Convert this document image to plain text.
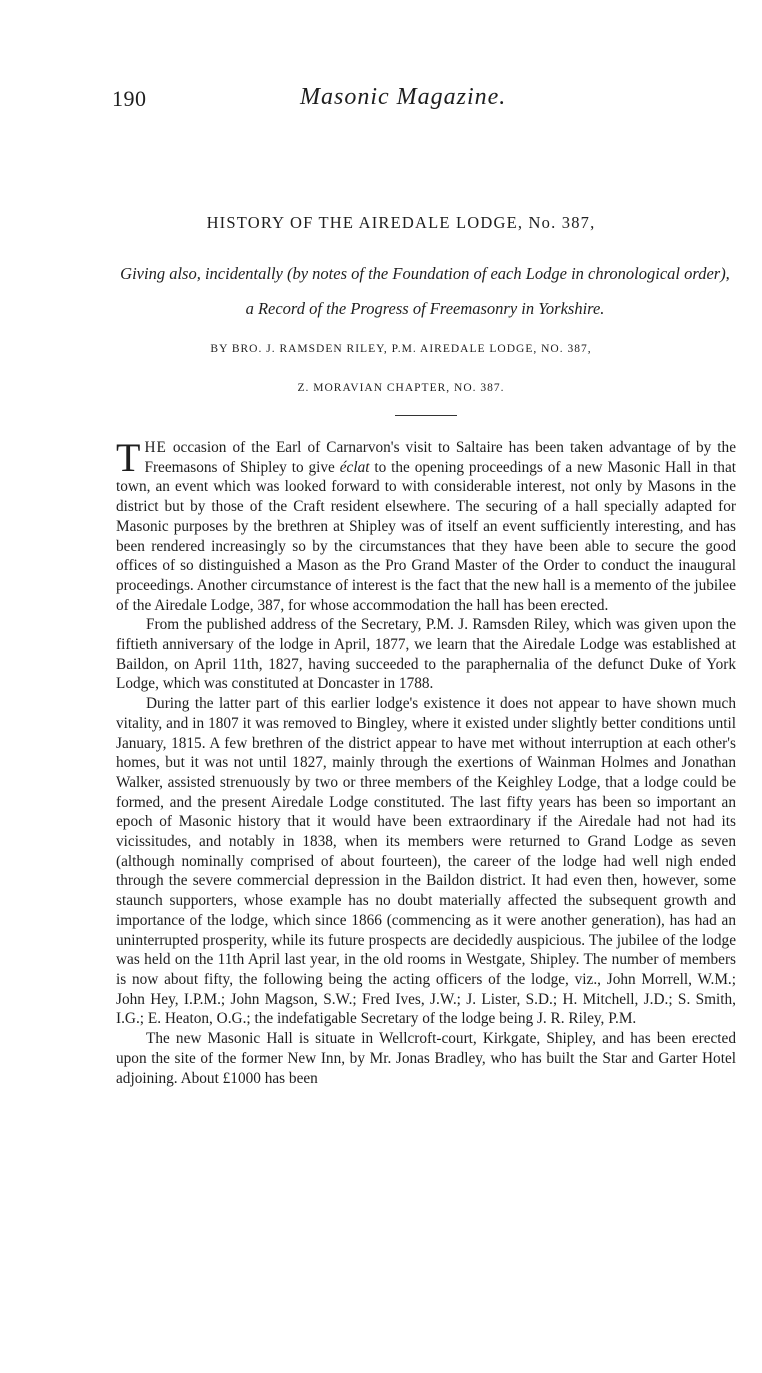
190	Masonic Magazine.
HISTORY OF THE AIREDALE LODGE, No. 387,
Giving also, incidentally (by notes of the Foundation of each Lodge in chronological order), a Record of the Progress of Freemasonry in Yorkshire.
BY BRO. J. RAMSDEN RILEY, P.M. AIREDALE LODGE, NO. 387,
Z. MORAVIAN CHAPTER, NO. 387.

THE occasion of the Earl of Carnarvon's visit to Saltaire has been taken advantage of by the Freemasons of Shipley to give éclat to the opening proceedings of a new Masonic Hall in that town, an event which was looked forward to with considerable interest, not only by Masons in the district but by those of the Craft resident elsewhere. The securing of a hall specially adapted for Masonic purposes by the brethren at Shipley was of itself an event sufficiently interesting, and has been rendered increasingly so by the circumstances that they have been able to secure the good offices of so distinguished a Mason as the Pro Grand Master of the Order to conduct the inaugural proceedings. Another circumstance of interest is the fact that the new hall is a memento of the jubilee of the Airedale Lodge, 387, for whose accommodation the hall has been erected.

From the published address of the Secretary, P.M. J. Ramsden Riley, which was given upon the fiftieth anniversary of the lodge in April, 1877, we learn that the Airedale Lodge was established at Baildon, on April 11th, 1827, having succeeded to the paraphernalia of the defunct Duke of York Lodge, which was constituted at Doncaster in 1788.

During the latter part of this earlier lodge's existence it does not appear to have shown much vitality, and in 1807 it was removed to Bingley, where it existed under slightly better conditions until January, 1815. A few brethren of the district appear to have met without interruption at each other's homes, but it was not until 1827, mainly through the exertions of Wainman Holmes and Jonathan Walker, assisted strenuously by two or three members of the Keighley Lodge, that a lodge could be formed, and the present Airedale Lodge constituted. The last fifty years has been so important an epoch of Masonic history that it would have been extraordinary if the Airedale had not had its vicissitudes, and notably in 1838, when its members were returned to Grand Lodge as seven (although nominally comprised of about fourteen), the career of the lodge had well nigh ended through the severe commercial depression in the Baildon district. It had even then, however, some staunch supporters, whose example has no doubt materially affected the subsequent growth and importance of the lodge, which since 1866 (commencing as it were another generation), has had an uninterrupted prosperity, while its future prospects are decidedly auspicious. The jubilee of the lodge was held on the 11th April last year, in the old rooms in Westgate, Shipley. The number of members is now about fifty, the following being the acting officers of the lodge, viz., John Morrell, W.M.; John Hey, I.P.M.; John Magson, S.W.; Fred Ives, J.W.; J. Lister, S.D.; H. Mitchell, J.D.; S. Smith, I.G.; E. Heaton, O.G.; the indefatigable Secretary of the lodge being J. R. Riley, P.M.

The new Masonic Hall is situate in Wellcroft-court, Kirkgate, Shipley, and has been erected upon the site of the former New Inn, by Mr. Jonas Bradley, who has built the Star and Garter Hotel adjoining. About £1000 has been
